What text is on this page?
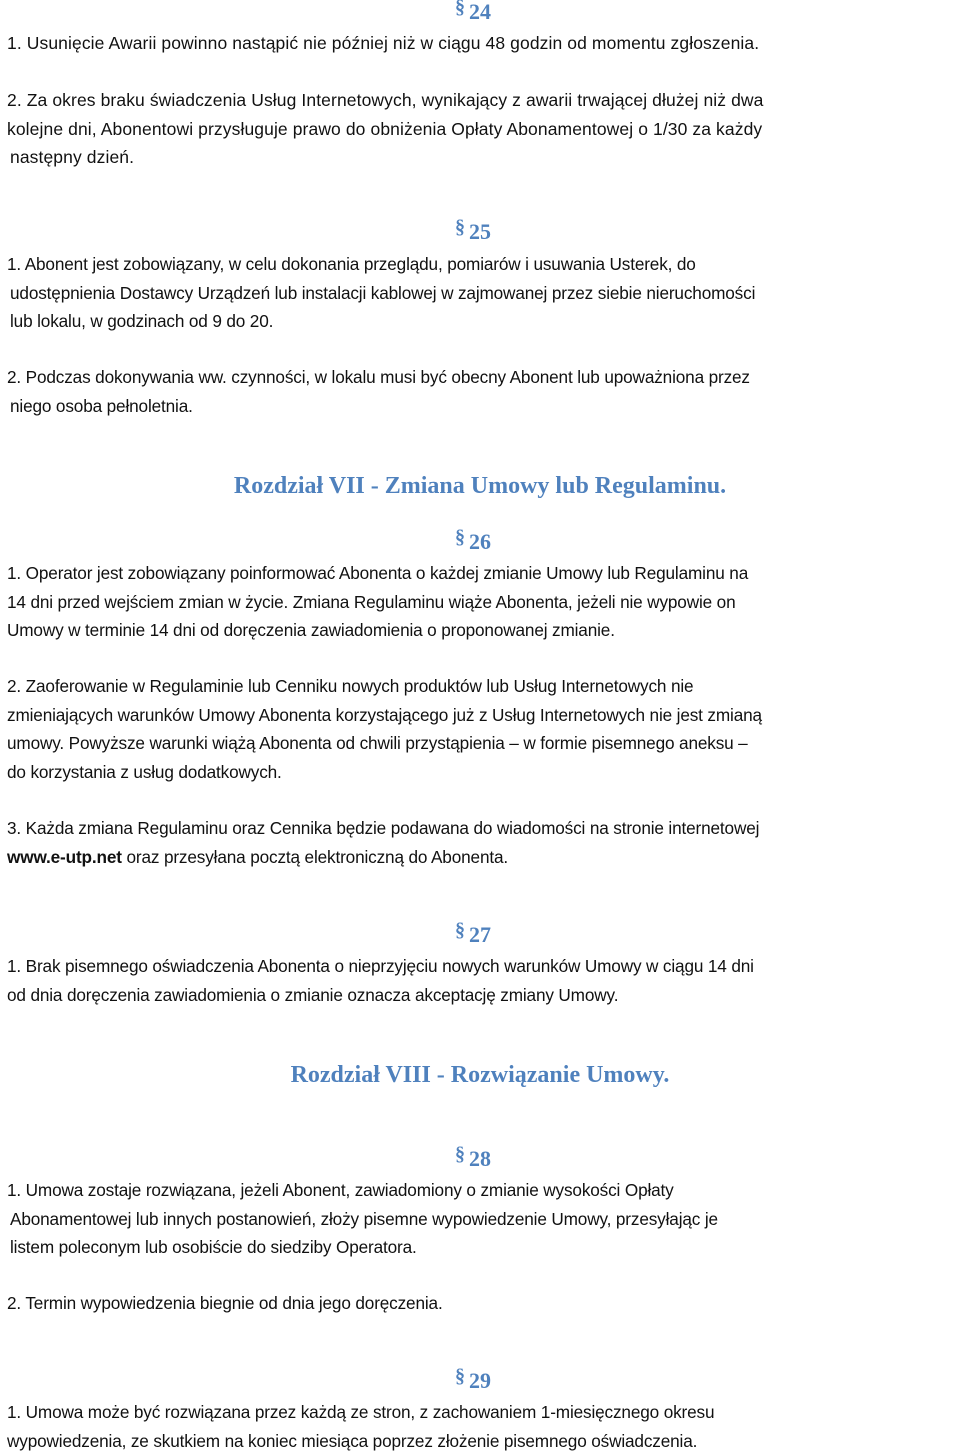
§ 24

1. Usunięcie Awarii powinno nastąpić nie później niż w ciągu 48 godzin od momentu zgłoszenia.

2. Za okres braku świadczenia Usług Internetowych, wynikający z awarii trwającej dłużej niż dwa
kolejne dni, Abonentowi przysługuje prawo do obniżenia Opłaty Abonamentowej o 1/30 za każdy
następny dzień.

§ 25

1. Abonent jest zobowiązany, w celu dokonania przeglądu, pomiarów i usuwania Usterek, do
udostępnienia Dostawcy Urządzeń lub instalacji kablowej w zajmowanej przez siebie nieruchomości
lub lokalu, w godzinach od 9 do 20.

2. Podczas dokonywania ww. czynności, w lokalu musi być obecny Abonent lub upoważniona przez
niego osoba pełnoletnia.

Rozdział VII - Zmiana Umowy lub Regulaminu.
§ 26

1. Operator jest zobowiązany poinformować Abonenta o każdej zmianie Umowy lub Regulaminu na
14 dni przed wejściem zmian w życie. Zmiana Regulaminu wiąże Abonenta, jeżeli nie wypowie on
Umowy w terminie 14 dni od doręczenia zawiadomienia o proponowanej zmianie.

2. Zaoferowanie w Regulaminie lub Cenniku nowych produktów lub Usług Internetowych nie
zmieniających warunków Umowy Abonenta korzystającego już z Usług Internetowych nie jest zmianą
umowy. Powyższe warunki wiążą Abonenta od chwili przystąpienia – w formie pisemnego aneksu –
do korzystania z usług dodatkowych.

3. Każda zmiana Regulaminu oraz Cennika będzie podawana do wiadomości na stronie internetowej
www.e-utp.net oraz przesyłana pocztą elektroniczną do Abonenta.

§ 27

1. Brak pisemnego oświadczenia Abonenta o nieprzyjęciu nowych warunków Umowy w ciągu 14 dni
od dnia doręczenia zawiadomienia o zmianie oznacza akceptację zmiany Umowy.

Rozdział VIII - Rozwiązanie Umowy.
§ 28

1. Umowa zostaje rozwiązana, jeżeli Abonent, zawiadomiony o zmianie wysokości Opłaty
Abonamentowej lub innych postanowień, złoży pisemne wypowiedzenie Umowy, przesyłając je
listem poleconym lub osobiście do siedziby Operatora.

2. Termin wypowiedzenia biegnie od dnia jego doręczenia.

§ 29

1. Umowa może być rozwiązana przez każdą ze stron, z zachowaniem 1-miesięcznego okresu
wypowiedzenia, ze skutkiem na koniec miesiąca poprzez złożenie pisemnego oświadczenia.
